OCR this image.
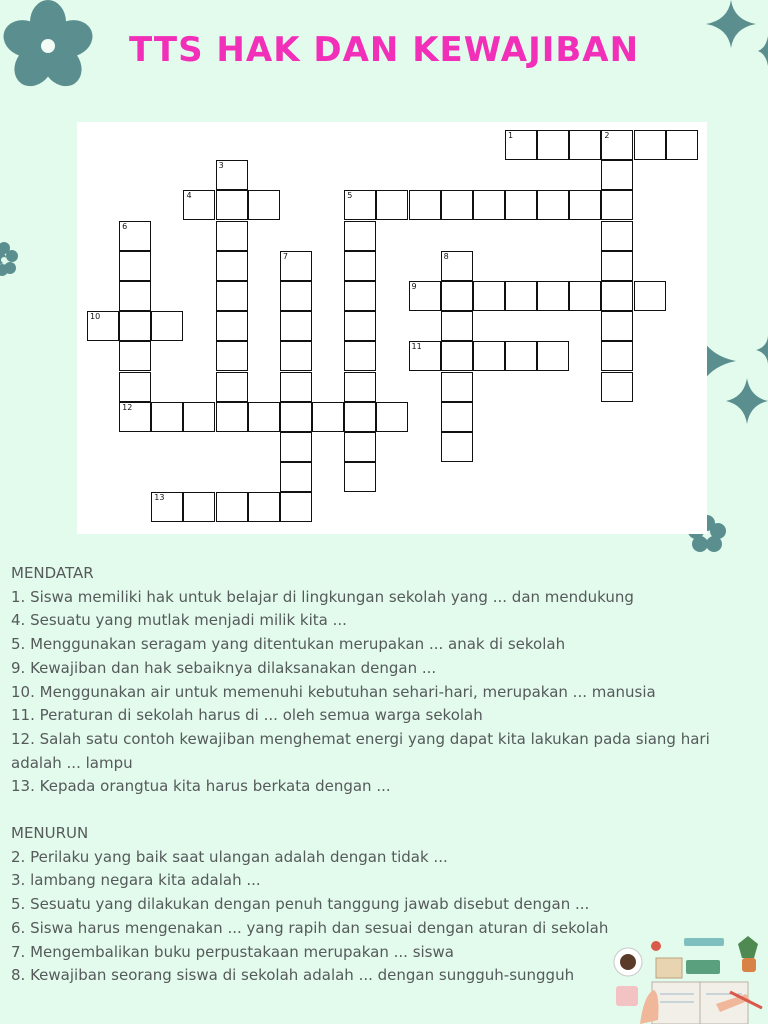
TTS HAK DAN KEWAJIBAN
1	2
3
4	5
6
7	8
9
10
11
12
13
MENDATAR
1. Siswa memiliki hak untuk belajar di lingkungan sekolah yang ... dan mendukung
4. Sesuatu yang mutlak menjadi milik kita ...
5. Menggunakan seragam yang ditentukan merupakan ... anak di sekolah
9. Kewajiban dan hak sebaiknya dilaksanakan dengan ...
10. Menggunakan air untuk memenuhi kebutuhan sehari-hari, merupakan ... manusia
11. Peraturan di sekolah harus di ... oleh semua warga sekolah
12. Salah satu contoh kewajiban menghemat energi yang dapat kita lakukan pada siang hari adalah ... lampu
13. Kepada orangtua kita harus berkata dengan ...
MENURUN
2. Perilaku yang baik saat ulangan adalah dengan tidak ...
3. lambang negara kita adalah ...
5. Sesuatu yang dilakukan dengan penuh tanggung jawab disebut dengan ...
6. Siswa harus mengenakan ... yang rapih dan sesuai dengan aturan di sekolah
7. Mengembalikan buku perpustakaan merupakan ... siswa
8. Kewajiban seorang siswa di sekolah adalah ... dengan sungguh-sungguh
